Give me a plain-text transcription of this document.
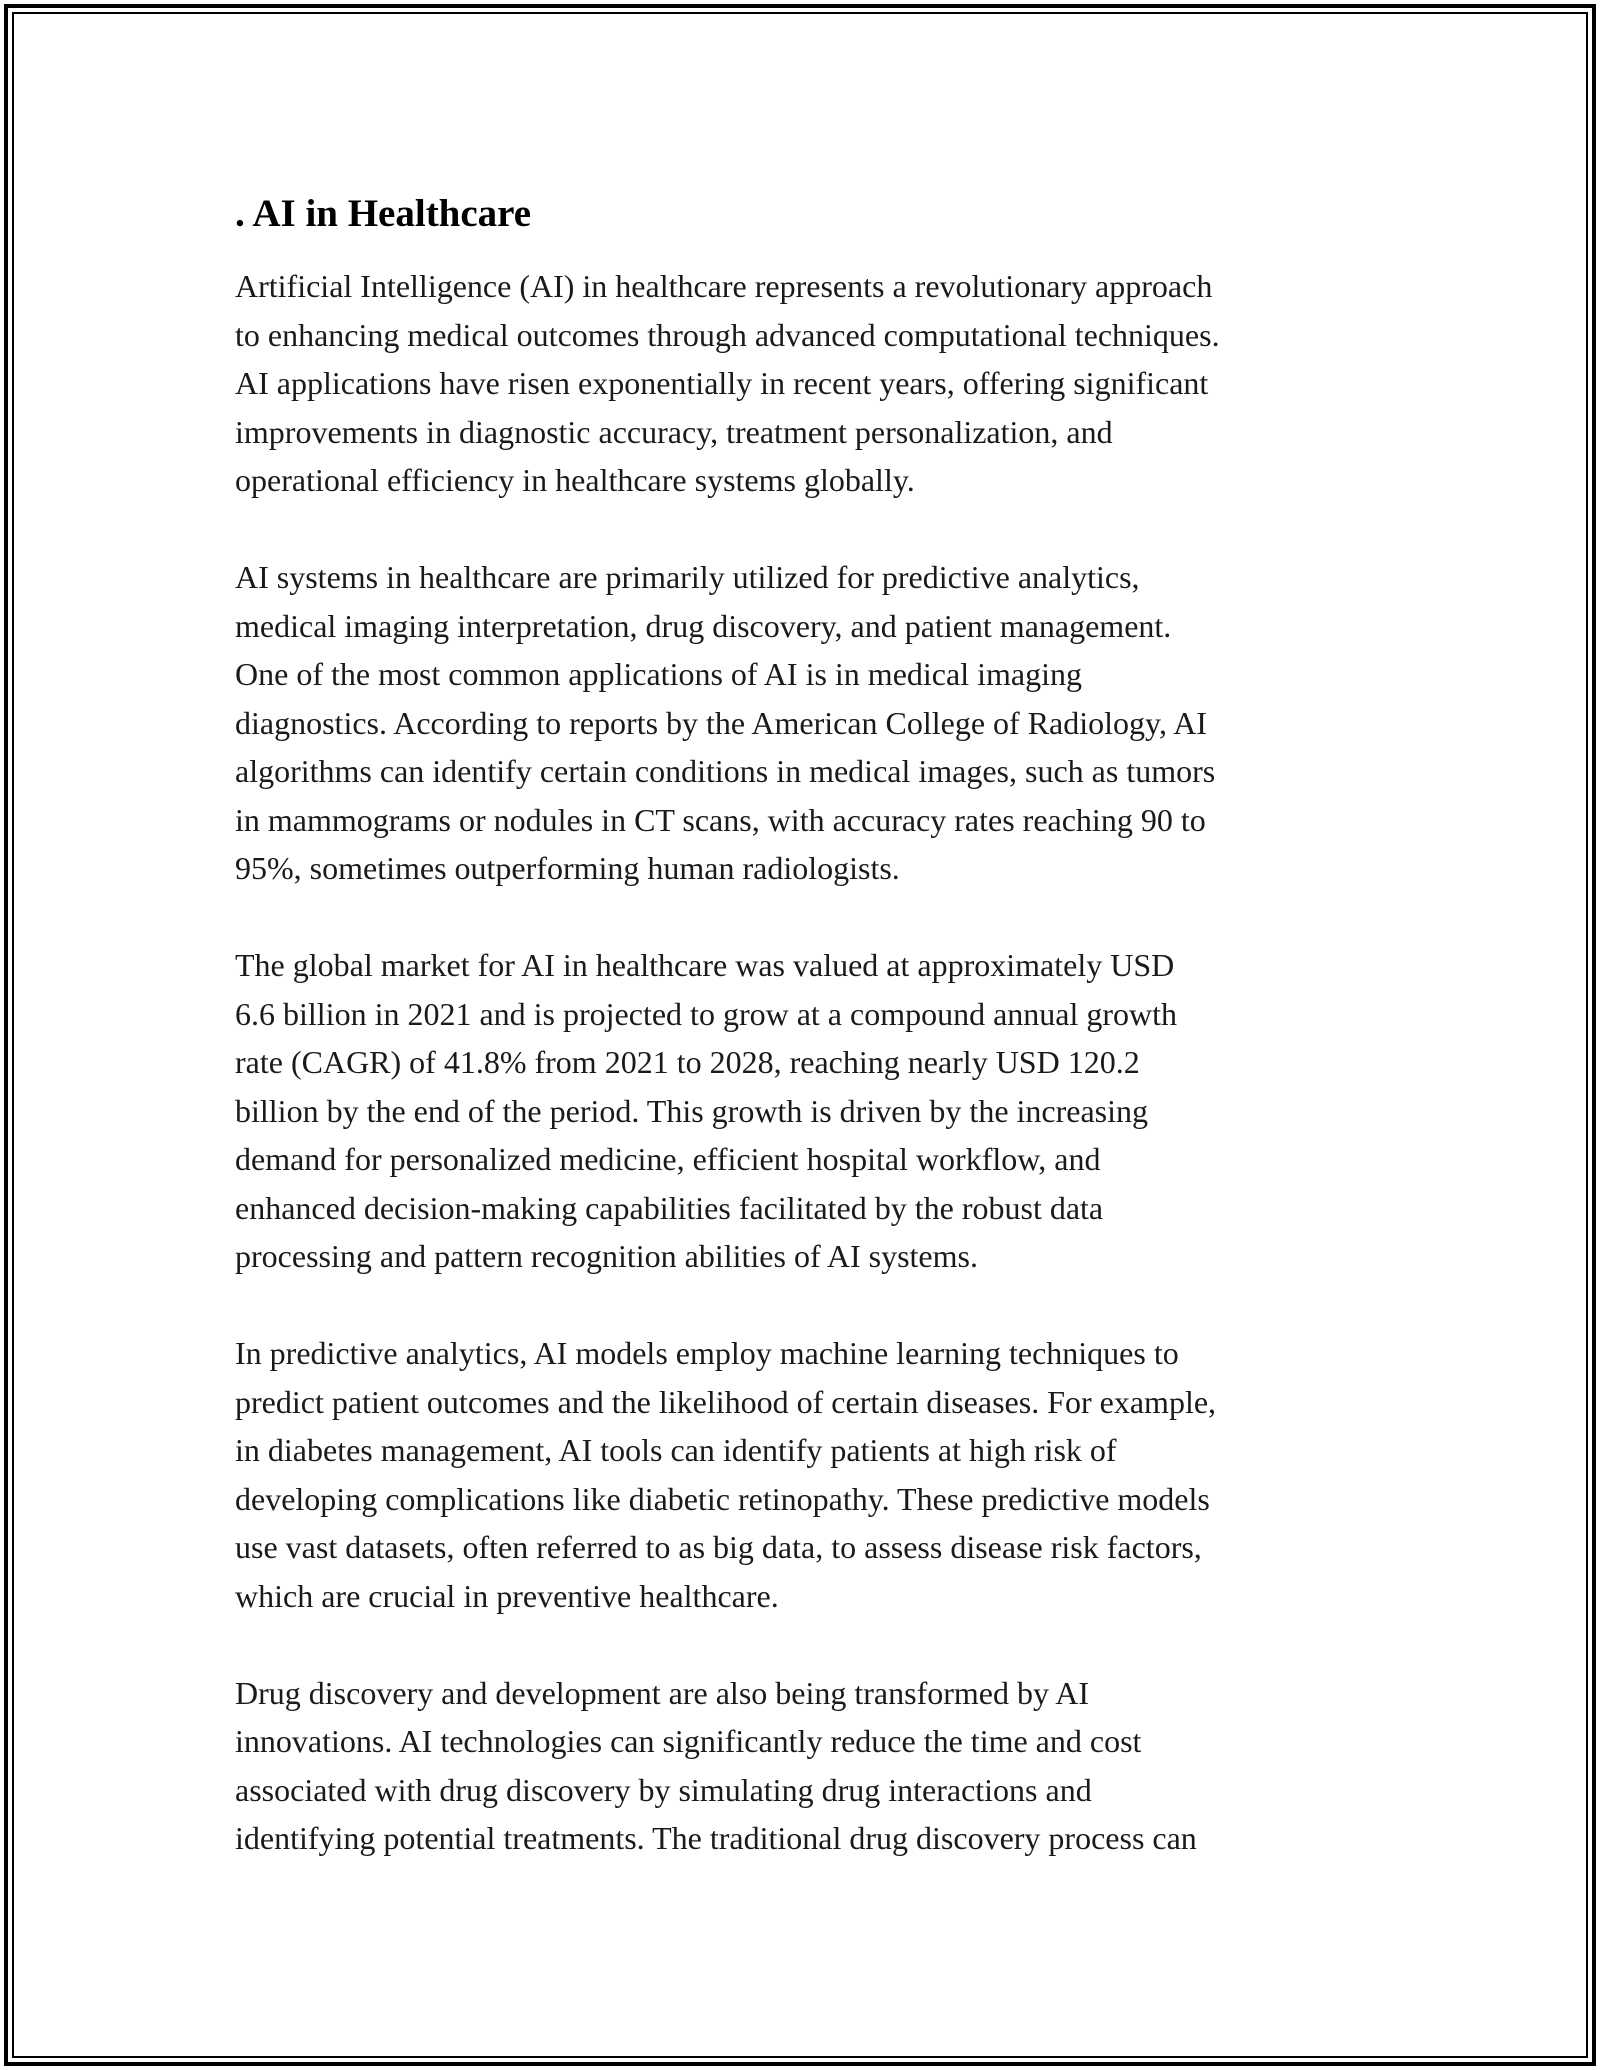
. AI in Healthcare

Artificial Intelligence (AI) in healthcare represents a revolutionary approach
to enhancing medical outcomes through advanced computational techniques.
AI applications have risen exponentially in recent years, offering significant
improvements in diagnostic accuracy, treatment personalization, and
operational efficiency in healthcare systems globally.

AI systems in healthcare are primarily utilized for predictive analytics,
medical imaging interpretation, drug discovery, and patient management.
One of the most common applications of AI is in medical imaging
diagnostics. According to reports by the American College of Radiology, AI
algorithms can identify certain conditions in medical images, such as tumors
in mammograms or nodules in CT scans, with accuracy rates reaching 90 to
95%, sometimes outperforming human radiologists.

The global market for AI in healthcare was valued at approximately USD
6.6 billion in 2021 and is projected to grow at a compound annual growth
rate (CAGR) of 41.8% from 2021 to 2028, reaching nearly USD 120.2
billion by the end of the period. This growth is driven by the increasing
demand for personalized medicine, efficient hospital workflow, and
enhanced decision-making capabilities facilitated by the robust data
processing and pattern recognition abilities of AI systems.

In predictive analytics, AI models employ machine learning techniques to
predict patient outcomes and the likelihood of certain diseases. For example,
in diabetes management, AI tools can identify patients at high risk of
developing complications like diabetic retinopathy. These predictive models
use vast datasets, often referred to as big data, to assess disease risk factors,
which are crucial in preventive healthcare.

Drug discovery and development are also being transformed by AI
innovations. AI technologies can significantly reduce the time and cost
associated with drug discovery by simulating drug interactions and
identifying potential treatments. The traditional drug discovery process can
